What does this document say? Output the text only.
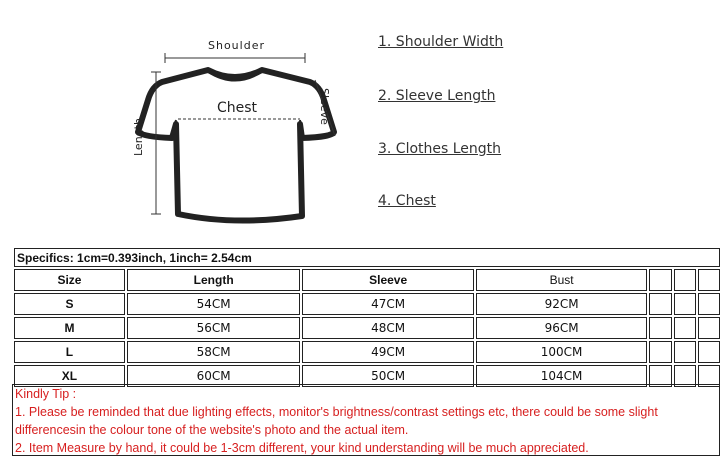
Shoulder
Chest
Length
Sleeve
1. Shoulder Width
2. Sleeve Length
3. Clothes Length
4. Chest
Specifics: 1cm=0.393inch, 1inch= 2.54cm						
Size	Length	Sleeve	Bust			
S	54CM	47CM	92CM			
M	56CM	48CM	96CM			
L	58CM	49CM	100CM			
XL	60CM	50CM	104CM			
Kindly Tip :
1. Please be reminded that due lighting effects, monitor's brightness/contrast settings etc, there could be some slight
differencesin the colour tone of the website's photo and the actual item.
2. Item Measure by hand, it could be 1-3cm different, your kind understanding will be much appreciated.
